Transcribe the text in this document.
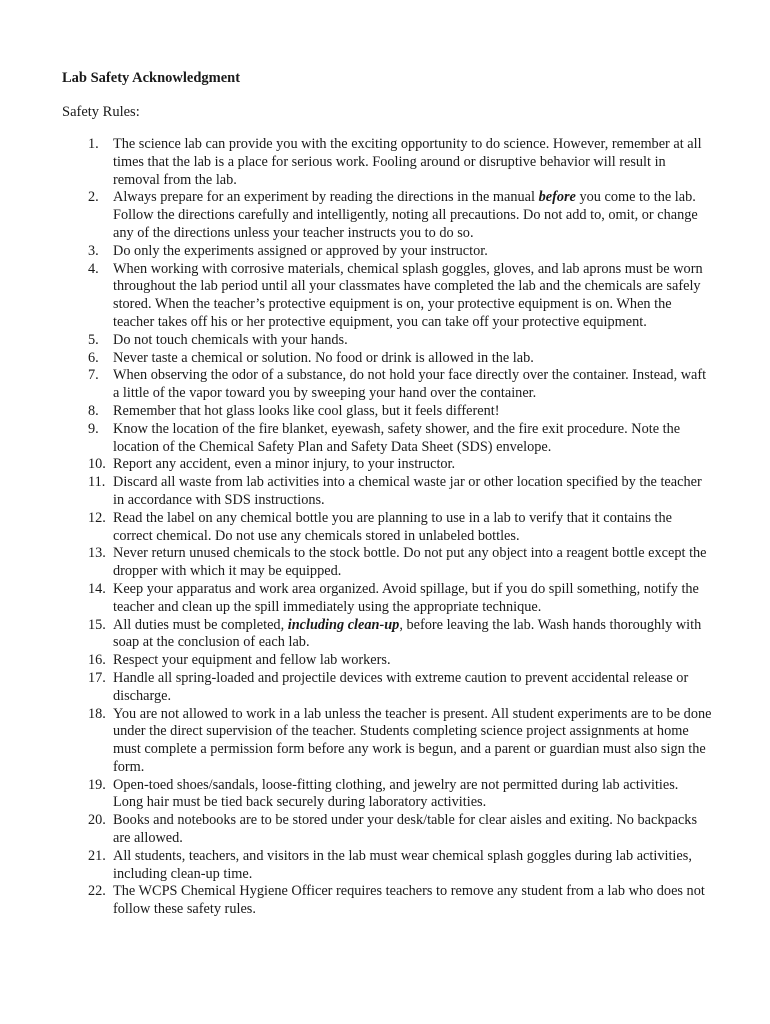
Lab Safety Acknowledgment
Safety Rules:
1. The science lab can provide you with the exciting opportunity to do science. However, remember at all times that the lab is a place for serious work. Fooling around or disruptive behavior will result in removal from the lab.
2. Always prepare for an experiment by reading the directions in the manual before you come to the lab. Follow the directions carefully and intelligently, noting all precautions. Do not add to, omit, or change any of the directions unless your teacher instructs you to do so.
3. Do only the experiments assigned or approved by your instructor.
4. When working with corrosive materials, chemical splash goggles, gloves, and lab aprons must be worn throughout the lab period until all your classmates have completed the lab and the chemicals are safely stored. When the teacher’s protective equipment is on, your protective equipment is on. When the teacher takes off his or her protective equipment, you can take off your protective equipment.
5. Do not touch chemicals with your hands.
6. Never taste a chemical or solution. No food or drink is allowed in the lab.
7. When observing the odor of a substance, do not hold your face directly over the container. Instead, waft a little of the vapor toward you by sweeping your hand over the container.
8. Remember that hot glass looks like cool glass, but it feels different!
9. Know the location of the fire blanket, eyewash, safety shower, and the fire exit procedure. Note the location of the Chemical Safety Plan and Safety Data Sheet (SDS) envelope.
10. Report any accident, even a minor injury, to your instructor.
11. Discard all waste from lab activities into a chemical waste jar or other location specified by the teacher in accordance with SDS instructions.
12. Read the label on any chemical bottle you are planning to use in a lab to verify that it contains the correct chemical. Do not use any chemicals stored in unlabeled bottles.
13. Never return unused chemicals to the stock bottle. Do not put any object into a reagent bottle except the dropper with which it may be equipped.
14. Keep your apparatus and work area organized. Avoid spillage, but if you do spill something, notify the teacher and clean up the spill immediately using the appropriate technique.
15. All duties must be completed, including clean-up, before leaving the lab. Wash hands thoroughly with soap at the conclusion of each lab.
16. Respect your equipment and fellow lab workers.
17. Handle all spring-loaded and projectile devices with extreme caution to prevent accidental release or discharge.
18. You are not allowed to work in a lab unless the teacher is present. All student experiments are to be done under the direct supervision of the teacher. Students completing science project assignments at home must complete a permission form before any work is begun, and a parent or guardian must also sign the form.
19. Open-toed shoes/sandals, loose-fitting clothing, and jewelry are not permitted during lab activities. Long hair must be tied back securely during laboratory activities.
20. Books and notebooks are to be stored under your desk/table for clear aisles and exiting. No backpacks are allowed.
21. All students, teachers, and visitors in the lab must wear chemical splash goggles during lab activities, including clean-up time.
22. The WCPS Chemical Hygiene Officer requires teachers to remove any student from a lab who does not follow these safety rules.
